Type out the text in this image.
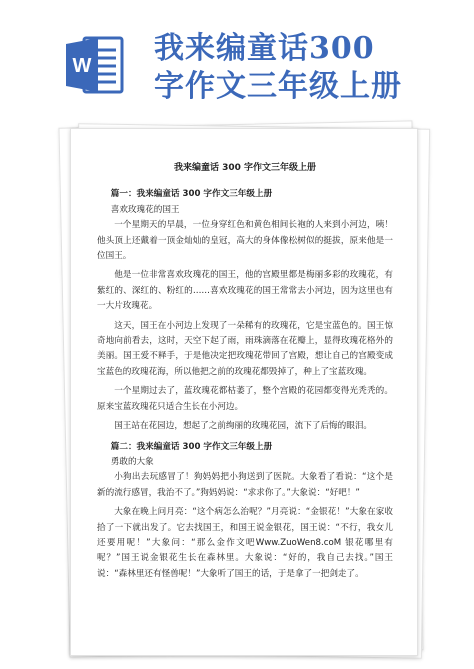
W 我来编童话300
字作文三年级上册
我来编童话 300 字作文三年级上册
篇一：我来编童话 300 字作文三年级上册
喜欢玫瑰花的国王
一个星期天的早晨，一位身穿红色和黄色相间长袍的人来到小河边，咦！他头顶上还戴着一顶金灿灿的皇冠，高大的身体像松树似的挺拔，原来他是一位国王。
他是一位非常喜欢玫瑰花的国王，他的宫殿里都是梅丽多彩的玫瑰花，有紫红的、深红的、粉红的……喜欢玫瑰花的国王常常去小河边，因为这里也有一大片玫瑰花。
这天，国王在小河边上发现了一朵稀有的玫瑰花，它是宝蓝色的。国王惊奇地向前看去，这时，天空下起了雨，雨珠滴落在花瓣上，显得玫瑰花格外的美丽。国王爱不释手，于是他决定把玫瑰花带回了宫殿，想让自己的宫殿变成宝蓝色的玫瑰花海，所以他把之前的玫瑰花都毁掉了，种上了宝蓝玫瑰。
一个星期过去了，蓝玫瑰花都枯萎了，整个宫殿的花园都变得光秃秃的。原来宝蓝玫瑰花只适合生长在小河边。
国王站在花园边，想起了之前绚丽的玫瑰花园，流下了后悔的眼泪。
篇二：我来编童话 300 字作文三年级上册
勇敢的大象
小狗出去玩感冒了！狗妈妈把小狗送到了医院。大象看了看说：“这个是新的流行感冒，我治不了。”狗妈妈说：“求求你了。”大象说：“好吧！”
大象在晚上问月亮：“这个病怎么治呢？”月亮说：“金银花！”大象在家收拾了一下就出发了。它去找国王，和国王说金银花，国王说：“不行，我女儿还要用呢！”大象问：“那么金作文吧Www.ZuoWen8.coM 银花哪里有呢？”国王说金银花生长在森林里。大象说：“好的，我自己去找。”国王说：“森林里还有怪兽呢！”大象听了国王的话，于是拿了一把剑走了。
